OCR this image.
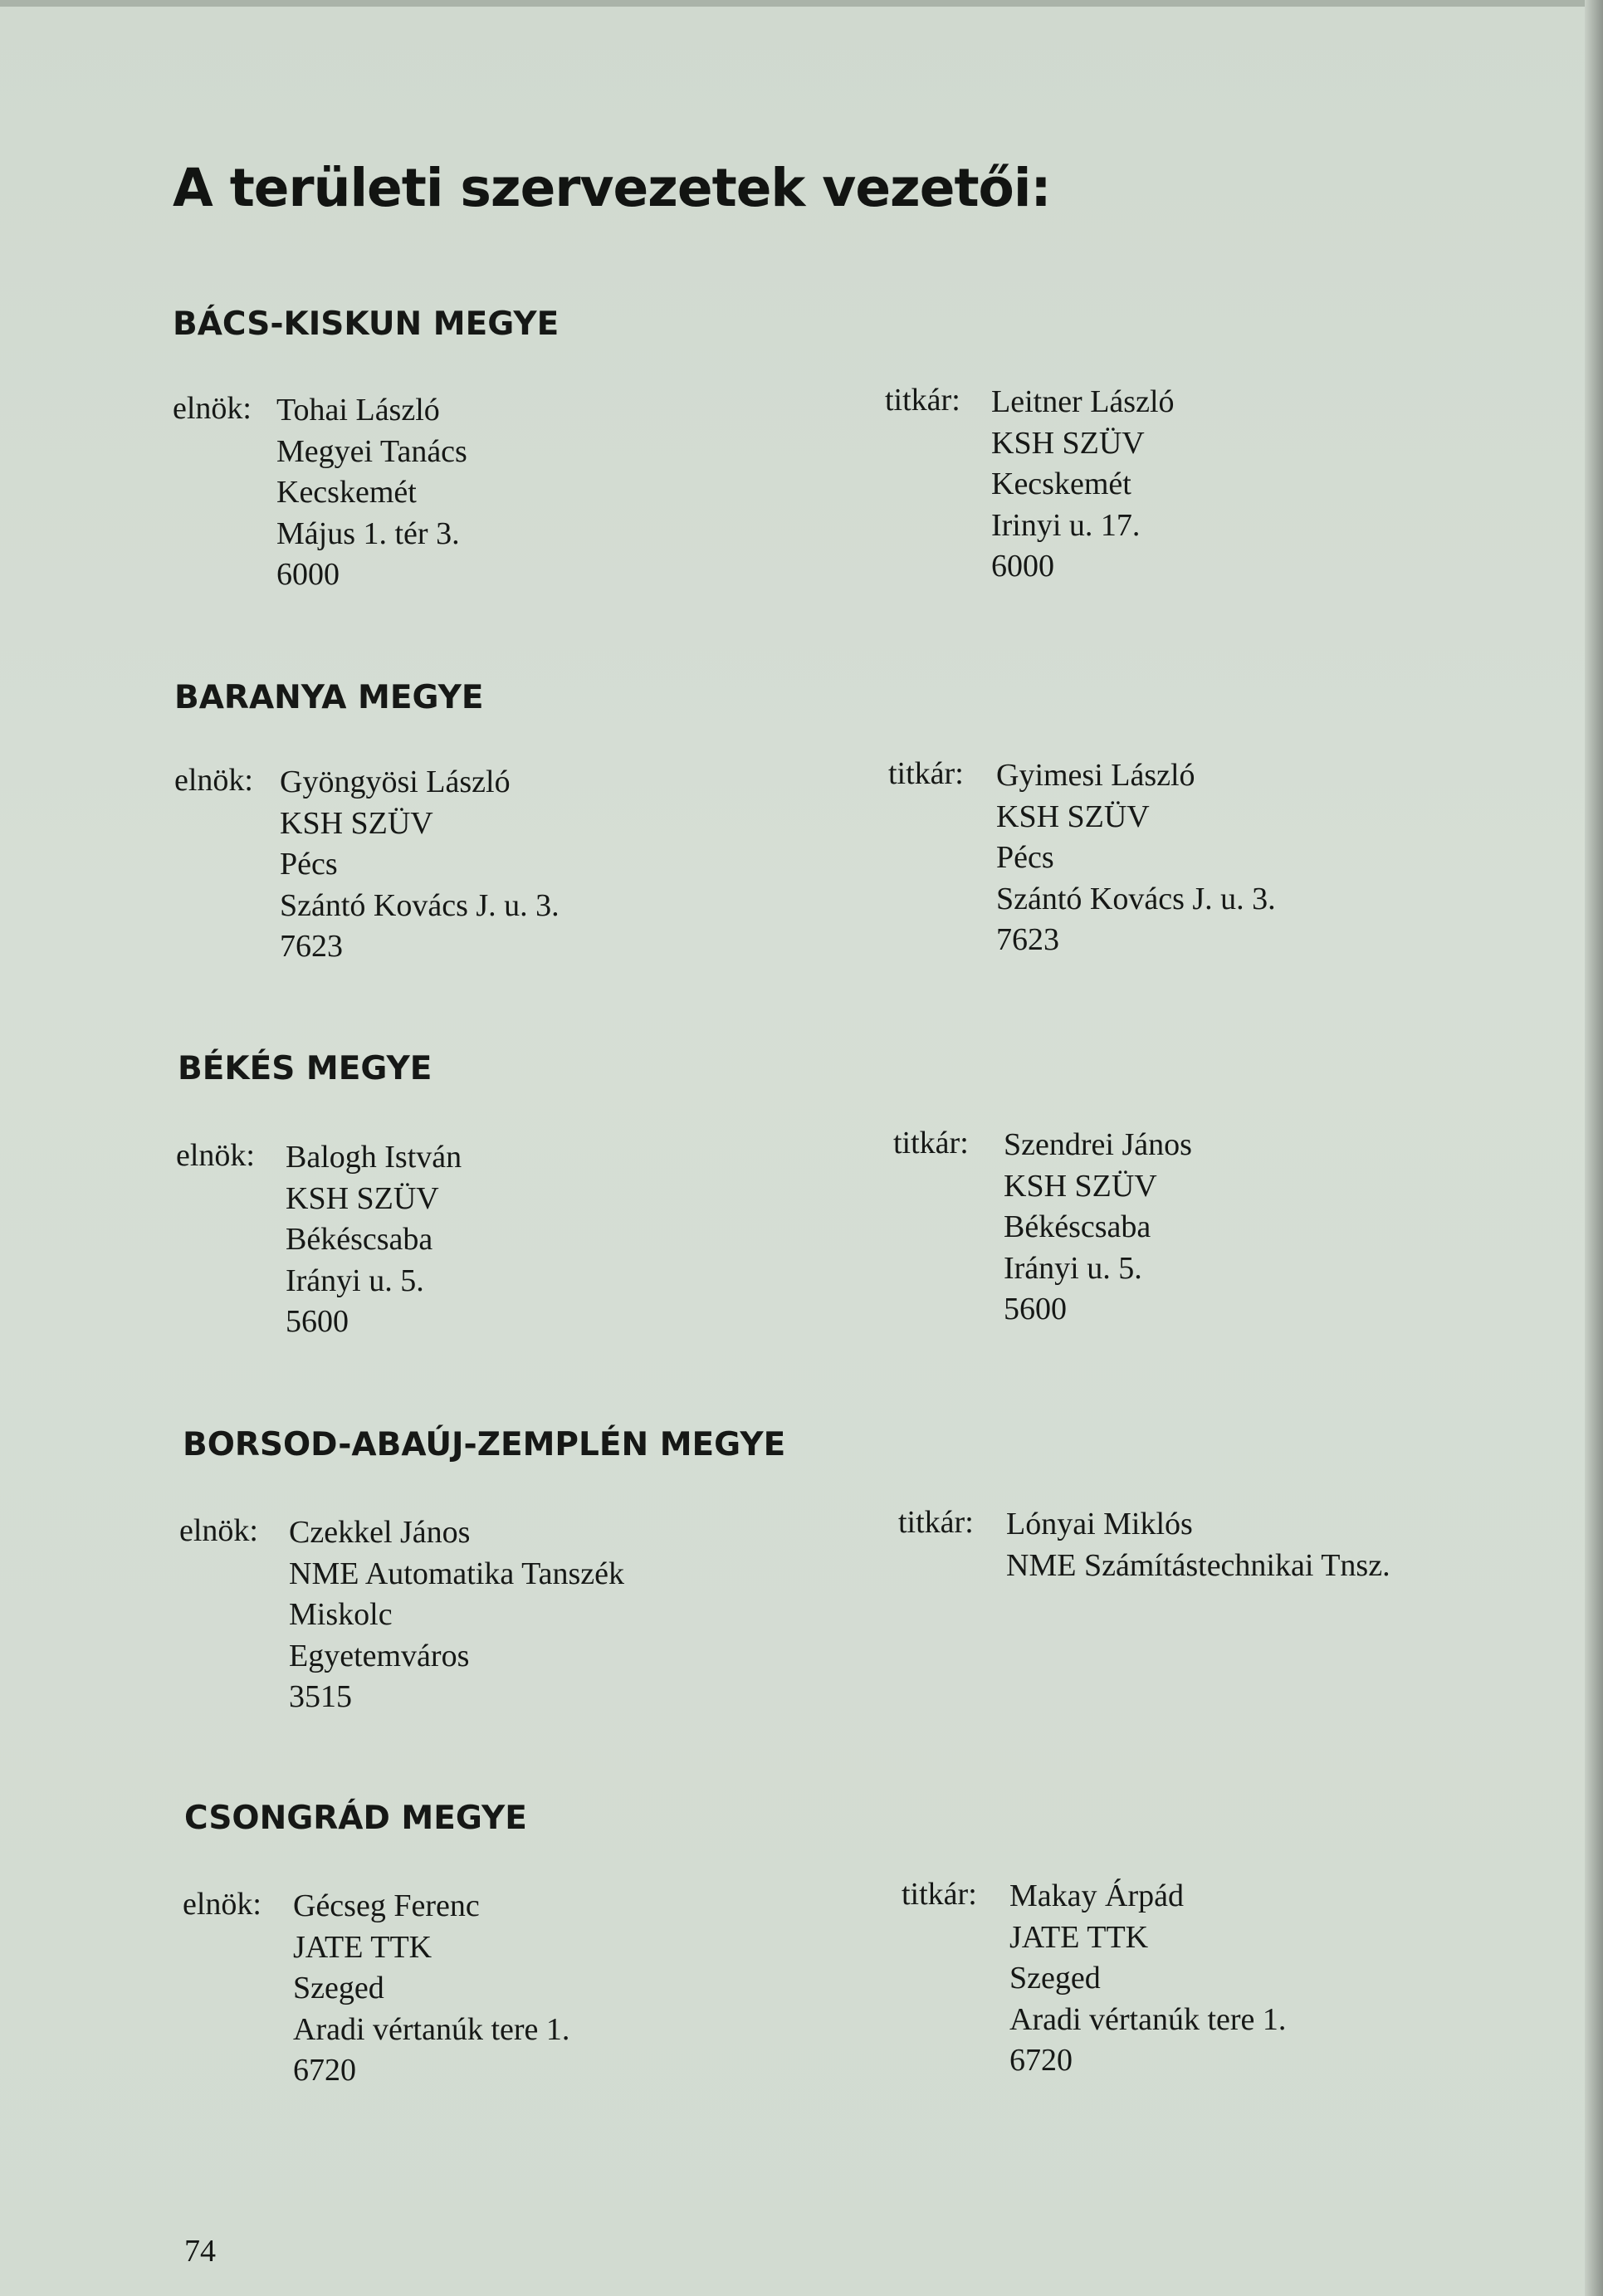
A területi szervezetek vezetői:
BÁCS-KISKUN MEGYE
elnök: Tohai László
Megyei Tanács
Kecskemét
Május 1. tér 3.
6000
titkár: Leitner László
KSH SZÜV
Kecskemét
Irinyi u. 17.
6000
BARANYA MEGYE
elnök: Gyöngyösi László
KSH SZÜV
Pécs
Szántó Kovács J. u. 3.
7623
titkár: Gyimesi László
KSH SZÜV
Pécs
Szántó Kovács J. u. 3.
7623
BÉKÉS MEGYE
elnök: Balogh István
KSH SZÜV
Békéscsaba
Irányi u. 5.
5600
titkár: Szendrei János
KSH SZÜV
Békéscsaba
Irányi u. 5.
5600
BORSOD-ABAÚJ-ZEMPLÉN MEGYE
elnök: Czekkel János
NME Automatika Tanszék
Miskolc
Egyetemváros
3515
titkár: Lónyai Miklós
NME Számítástechnikai Tnsz.
CSONGRÁD MEGYE
elnök: Gécseg Ferenc
JATE TTK
Szeged
Aradi vértanúk tere 1.
6720
titkár: Makay Árpád
JATE TTK
Szeged
Aradi vértanúk tere 1.
6720
74
